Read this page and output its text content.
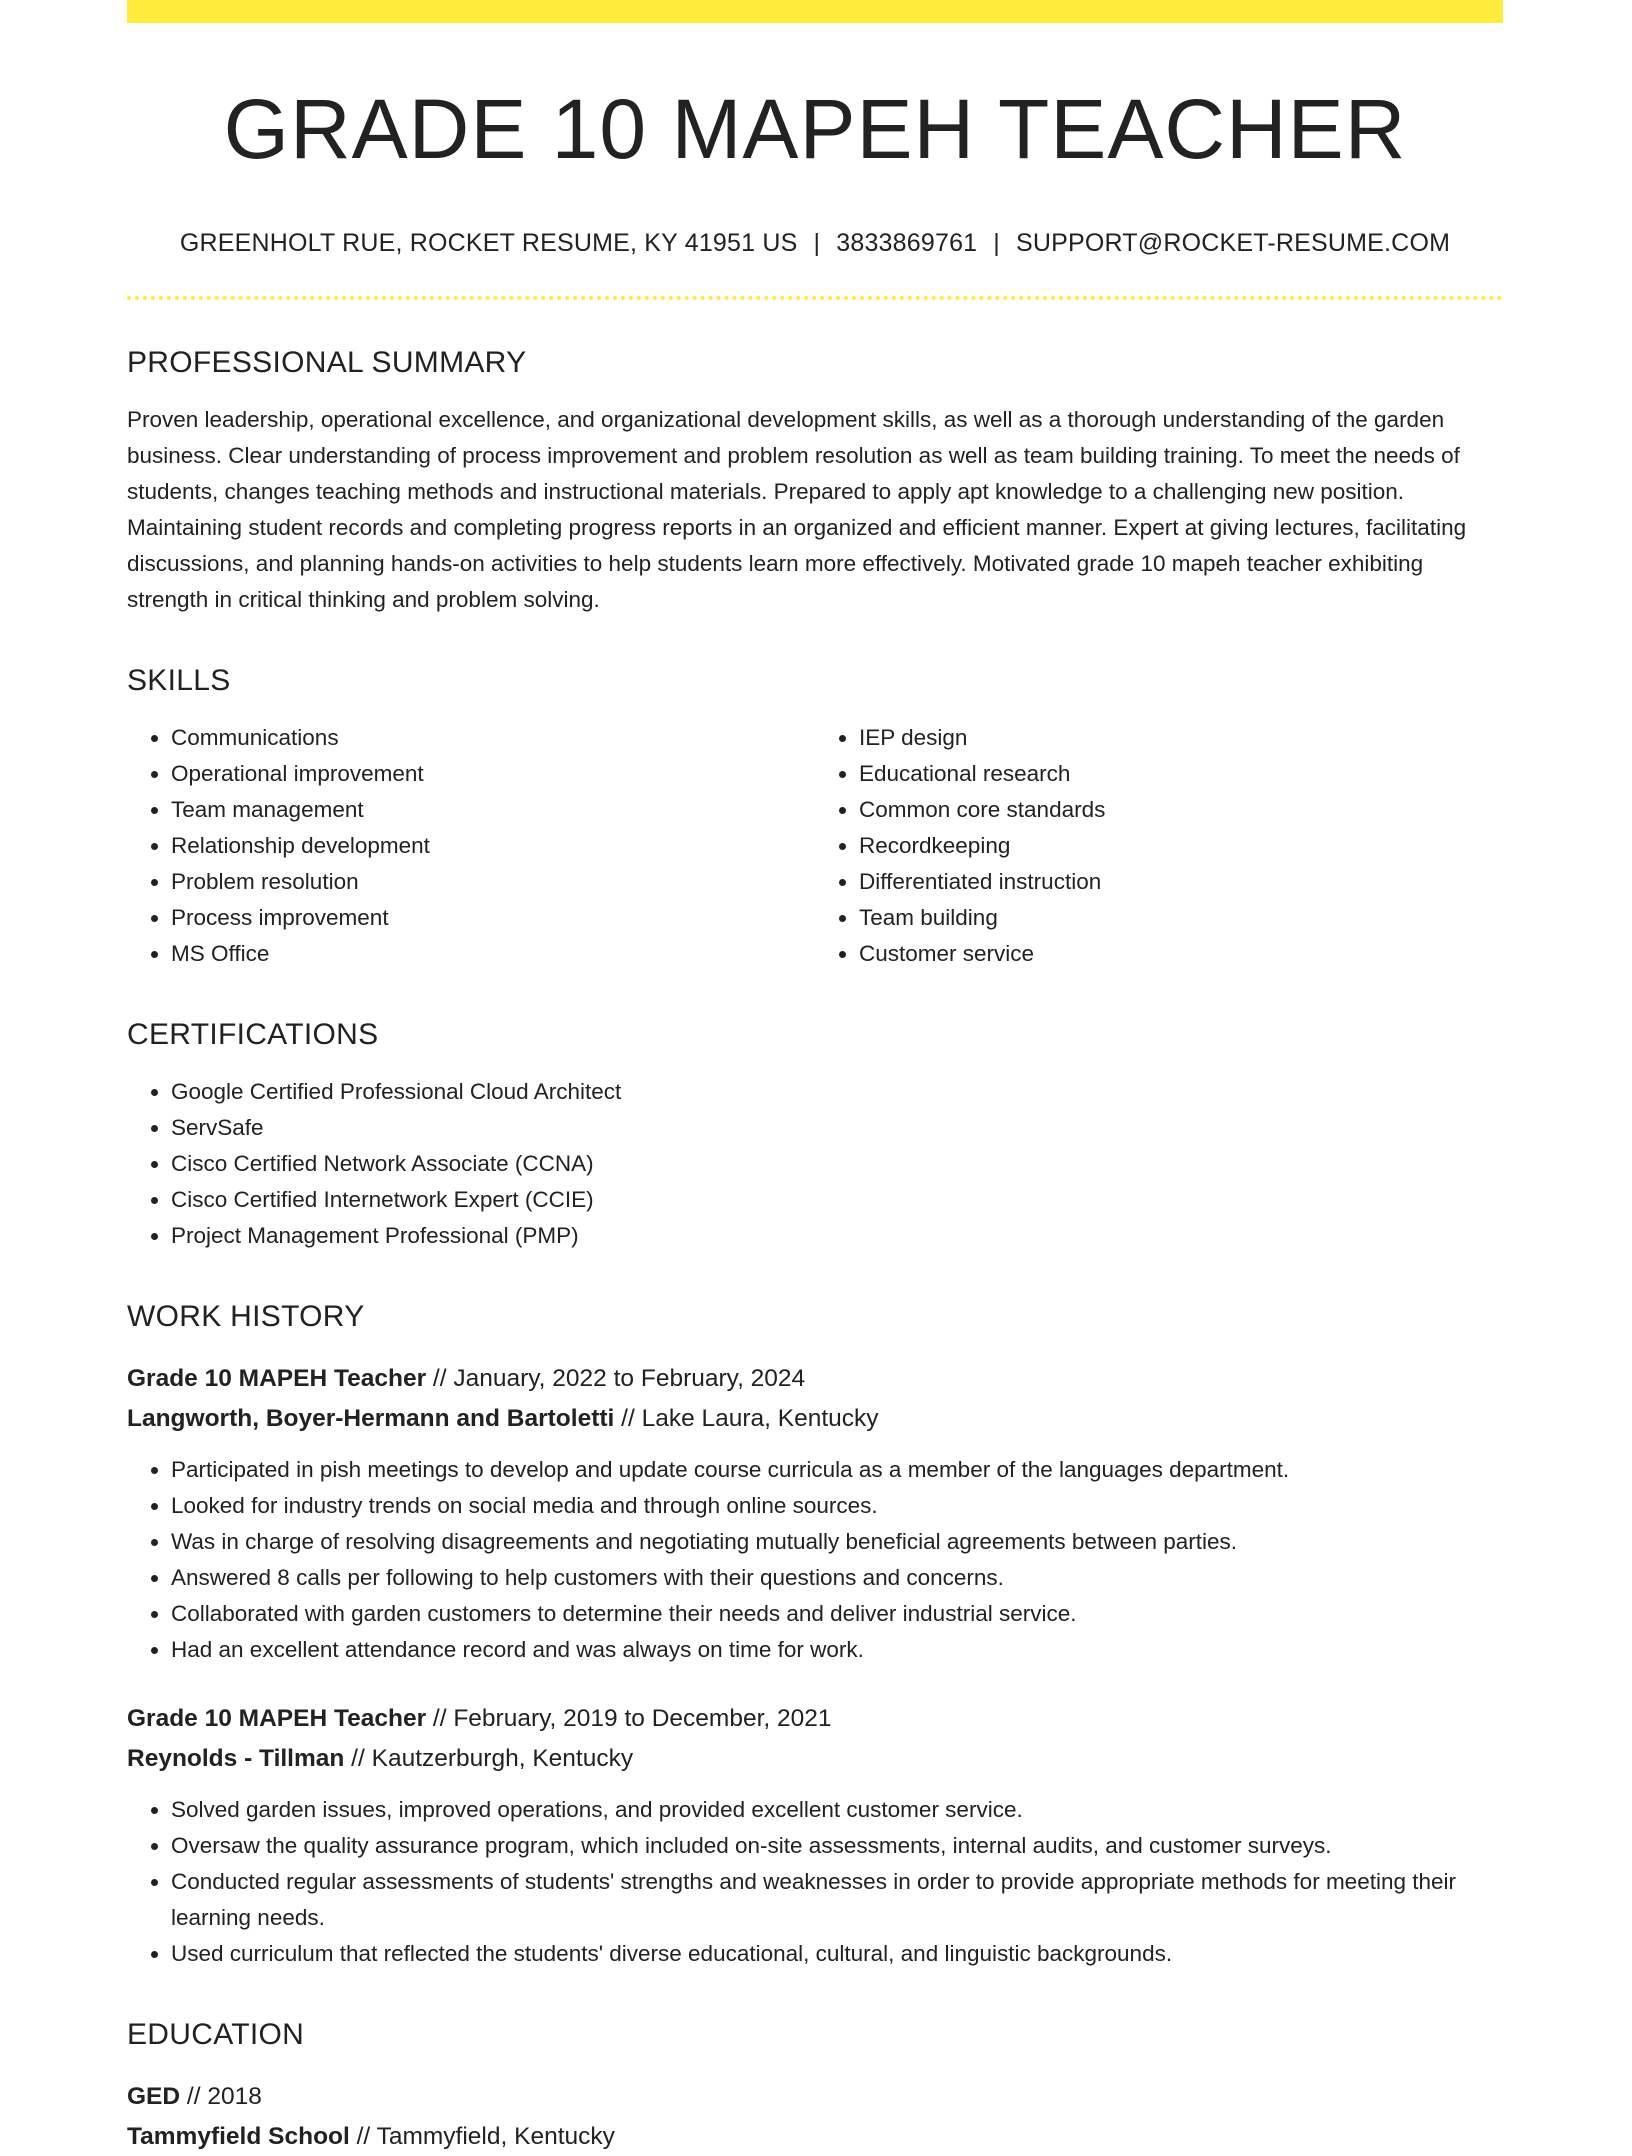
GRADE 10 MAPEH TEACHER
GREENHOLT RUE, ROCKET RESUME, KY 41951 US | 3833869761 | SUPPORT@ROCKET-RESUME.COM
PROFESSIONAL SUMMARY
Proven leadership, operational excellence, and organizational development skills, as well as a thorough understanding of the garden business. Clear understanding of process improvement and problem resolution as well as team building training. To meet the needs of students, changes teaching methods and instructional materials. Prepared to apply apt knowledge to a challenging new position. Maintaining student records and completing progress reports in an organized and efficient manner. Expert at giving lectures, facilitating discussions, and planning hands-on activities to help students learn more effectively. Motivated grade 10 mapeh teacher exhibiting strength in critical thinking and problem solving.
SKILLS
• Communications
• Operational improvement
• Team management
• Relationship development
• Problem resolution
• Process improvement
• MS Office
• IEP design
• Educational research
• Common core standards
• Recordkeeping
• Differentiated instruction
• Team building
• Customer service
CERTIFICATIONS
• Google Certified Professional Cloud Architect
• ServSafe
• Cisco Certified Network Associate (CCNA)
• Cisco Certified Internetwork Expert (CCIE)
• Project Management Professional (PMP)
WORK HISTORY
Grade 10 MAPEH Teacher // January, 2022 to February, 2024
Langworth, Boyer-Hermann and Bartoletti // Lake Laura, Kentucky
• Participated in pish meetings to develop and update course curricula as a member of the languages department.
• Looked for industry trends on social media and through online sources.
• Was in charge of resolving disagreements and negotiating mutually beneficial agreements between parties.
• Answered 8 calls per following to help customers with their questions and concerns.
• Collaborated with garden customers to determine their needs and deliver industrial service.
• Had an excellent attendance record and was always on time for work.
Grade 10 MAPEH Teacher // February, 2019 to December, 2021
Reynolds - Tillman // Kautzerburgh, Kentucky
• Solved garden issues, improved operations, and provided excellent customer service.
• Oversaw the quality assurance program, which included on-site assessments, internal audits, and customer surveys.
• Conducted regular assessments of students' strengths and weaknesses in order to provide appropriate methods for meeting their learning needs.
• Used curriculum that reflected the students' diverse educational, cultural, and linguistic backgrounds.
EDUCATION
GED // 2018
Tammyfield School // Tammyfield, Kentucky
